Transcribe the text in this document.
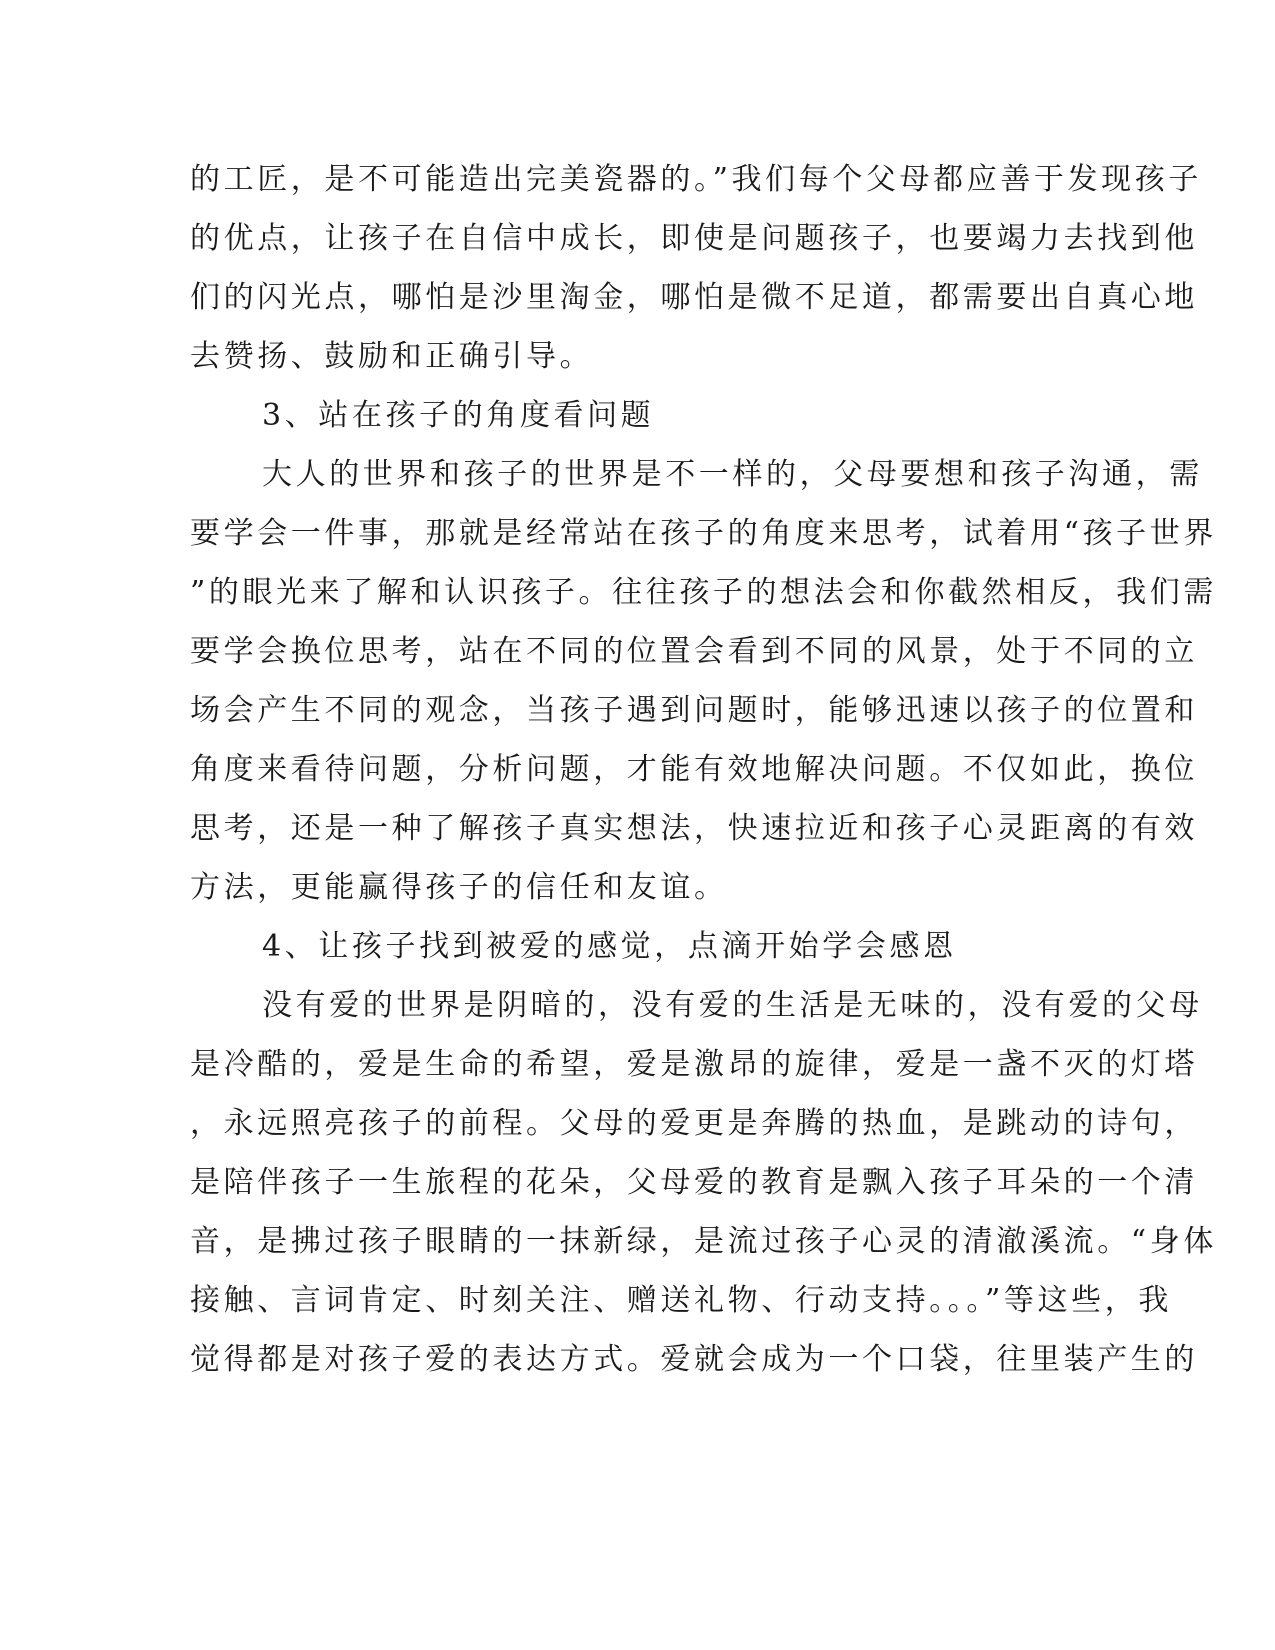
的工匠，是不可能造出完美瓷器的。”我们每个父母都应善于发现孩子
的优点，让孩子在自信中成长，即使是问题孩子，也要竭力去找到他
们的闪光点，哪怕是沙里淘金，哪怕是微不足道，都需要出自真心地
去赞扬、鼓励和正确引导。
3、站在孩子的角度看问题
大人的世界和孩子的世界是不一样的，父母要想和孩子沟通，需
要学会一件事，那就是经常站在孩子的角度来思考，试着用“孩子世界
”的眼光来了解和认识孩子。往往孩子的想法会和你截然相反，我们需
要学会换位思考，站在不同的位置会看到不同的风景，处于不同的立
场会产生不同的观念，当孩子遇到问题时，能够迅速以孩子的位置和
角度来看待问题，分析问题，才能有效地解决问题。不仅如此，换位
思考，还是一种了解孩子真实想法，快速拉近和孩子心灵距离的有效
方法，更能赢得孩子的信任和友谊。
4、让孩子找到被爱的感觉，点滴开始学会感恩
没有爱的世界是阴暗的，没有爱的生活是无味的，没有爱的父母
是冷酷的，爱是生命的希望，爱是激昂的旋律，爱是一盏不灭的灯塔
，永远照亮孩子的前程。父母的爱更是奔腾的热血，是跳动的诗句，
是陪伴孩子一生旅程的花朵，父母爱的教育是飘入孩子耳朵的一个清
音，是拂过孩子眼睛的一抹新绿，是流过孩子心灵的清澈溪流。“身体
接触、言词肯定、时刻关注、赠送礼物、行动支持。。。”等这些，我
觉得都是对孩子爱的表达方式。爱就会成为一个口袋，往里装产生的
